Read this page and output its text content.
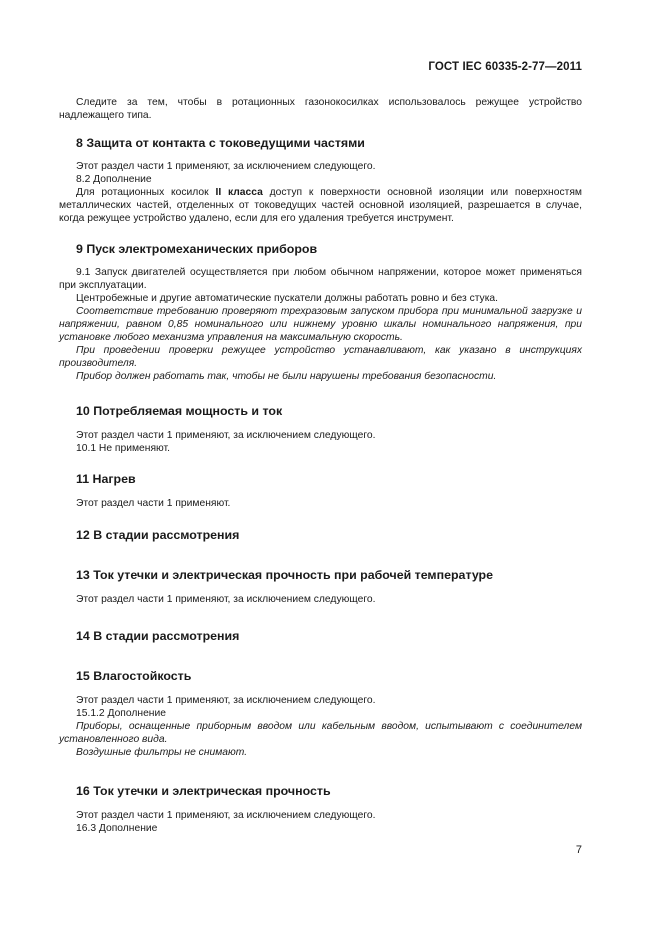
ГОСТ IEC 60335-2-77—2011

Следите за тем, чтобы в ротационных газонокосилках использовалось режущее устройство надлежащего типа.

8 Защита от контакта с токоведущими частями

Этот раздел части 1 применяют, за исключением следующего.

8.2 Дополнение

Для ротационных косилок II класса доступ к поверхности основной изоляции или поверхностям металлических частей, отделенных от токоведущих частей основной изоляцией, разрешается в случае, когда режущее устройство удалено, если для его удаления требуется инструмент.

9 Пуск электромеханических приборов

9.1 Запуск двигателей осуществляется при любом обычном напряжении, которое может применяться при эксплуатации.

Центробежные и другие автоматические пускатели должны работать ровно и без стука.

Соответствие требованию проверяют трехразовым запуском прибора при минимальной загрузке и напряжении, равном 0,85 номинального или нижнему уровню шкалы номинального напряжения, при установке любого механизма управления на максимальную скорость.

При проведении проверки режущее устройство устанавливают, как указано в инструкциях производителя.

Прибор должен работать так, чтобы не были нарушены требования безопасности.

10 Потребляемая мощность и ток

Этот раздел части 1 применяют, за исключением следующего.

10.1 Не применяют.

11 Нагрев

Этот раздел части 1 применяют.

12 В стадии рассмотрения
13 Ток утечки и электрическая прочность при рабочей температуре

Этот раздел части 1 применяют, за исключением следующего.

14 В стадии рассмотрения
15 Влагостойкость

Этот раздел части 1 применяют, за исключением следующего.

15.1.2 Дополнение

Приборы, оснащенные приборным вводом или кабельным вводом, испытывают с соединителем установленного вида.

Воздушные фильтры не снимают.

16 Ток утечки и электрическая прочность

Этот раздел части 1 применяют, за исключением следующего.

16.3 Дополнение

7
